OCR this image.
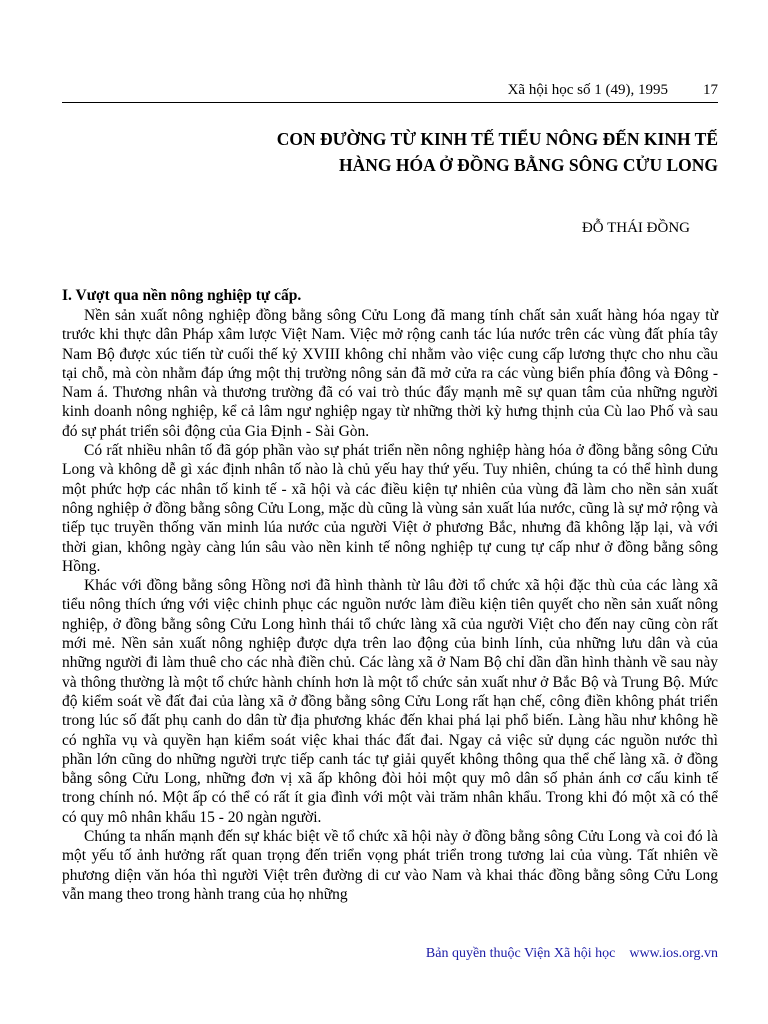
Xã hội học số 1 (49), 1995 17
CON ĐƯỜNG TỪ KINH TẾ TIỂU NÔNG ĐẾN KINH TẾ
HÀNG HÓA Ở ĐỒNG BẰNG SÔNG CỬU LONG
ĐỖ THÁI ĐỒNG
I. Vượt qua nền nông nghiệp tự cấp.

Nền sản xuất nông nghiệp đồng bằng sông Cửu Long đã mang tính chất sản xuất hàng hóa ngay từ trước khi thực dân Pháp xâm lược Việt Nam. Việc mở rộng canh tác lúa nước trên các vùng đất phía tây Nam Bộ được xúc tiến từ cuối thế kỷ XVIII không chỉ nhằm vào việc cung cấp lương thực cho nhu cầu tại chỗ, mà còn nhằm đáp ứng một thị trường nông sản đã mở cửa ra các vùng biển phía đông và Đông - Nam á. Thương nhân và thương trường đã có vai trò thúc đẩy mạnh mẽ sự quan tâm của những người kinh doanh nông nghiệp, kể cả lâm ngư nghiệp ngay từ những thời kỳ hưng thịnh của Cù lao Phố và sau đó sự phát triển sôi động của Gia Định - Sài Gòn.

Có rất nhiều nhân tố đã góp phần vào sự phát triển nền nông nghiệp hàng hóa ở đồng bằng sông Cửu Long và không dễ gì xác định nhân tố nào là chủ yếu hay thứ yếu. Tuy nhiên, chúng ta có thể hình dung một phức hợp các nhân tố kinh tế - xã hội và các điều kiện tự nhiên của vùng đã làm cho nền sản xuất nông nghiệp ở đồng bằng sông Cửu Long, mặc dù cũng là vùng sản xuất lúa nước, cũng là sự mở rộng và tiếp tục truyền thống văn minh lúa nước của người Việt ở phương Bắc, nhưng đã không lặp lại, và với thời gian, không ngày càng lún sâu vào nền kinh tế nông nghiệp tự cung tự cấp như ở đồng bằng sông Hồng.

Khác với đồng bằng sông Hồng nơi đã hình thành từ lâu đời tổ chức xã hội đặc thù của các làng xã tiểu nông thích ứng với việc chinh phục các nguồn nước làm điều kiện tiên quyết cho nền sản xuất nông nghiệp, ở đồng bằng sông Cửu Long hình thái tổ chức làng xã của người Việt cho đến nay cũng còn rất mới mẻ. Nền sản xuất nông nghiệp được dựa trên lao động của binh lính, của những lưu dân và của những người đi làm thuê cho các nhà điền chủ. Các làng xã ở Nam Bộ chỉ dần dần hình thành về sau này và thông thường là một tổ chức hành chính hơn là một tổ chức sản xuất như ở Bắc Bộ và Trung Bộ. Mức độ kiểm soát về đất đai của làng xã ở đồng bằng sông Cửu Long rất hạn chế, công điền không phát triển trong lúc số đất phụ canh do dân từ địa phương khác đến khai phá lại phổ biến. Làng hầu như không hề có nghĩa vụ và quyền hạn kiểm soát việc khai thác đất đai. Ngay cả việc sử dụng các nguồn nước thì phần lớn cũng do những người trực tiếp canh tác tự giải quyết không thông qua thể chế làng xã. ở đồng bằng sông Cửu Long, những đơn vị xã ấp không đòi hỏi một quy mô dân số phản ánh cơ cấu kinh tế trong chính nó. Một ấp có thể có rất ít gia đình với một vài trăm nhân khẩu. Trong khi đó một xã có thể có quy mô nhân khẩu 15 - 20 ngàn người.

Chúng ta nhấn mạnh đến sự khác biệt về tổ chức xã hội này ở đồng bằng sông Cửu Long và coi đó là một yếu tố ảnh hưởng rất quan trọng đến triển vọng phát triển trong tương lai của vùng. Tất nhiên về phương diện văn hóa thì người Việt trên đường di cư vào Nam và khai thác đồng bằng sông Cửu Long vẫn mang theo trong hành trang của họ những

Bản quyền thuộc Viện Xã hội học www.ios.org.vn
